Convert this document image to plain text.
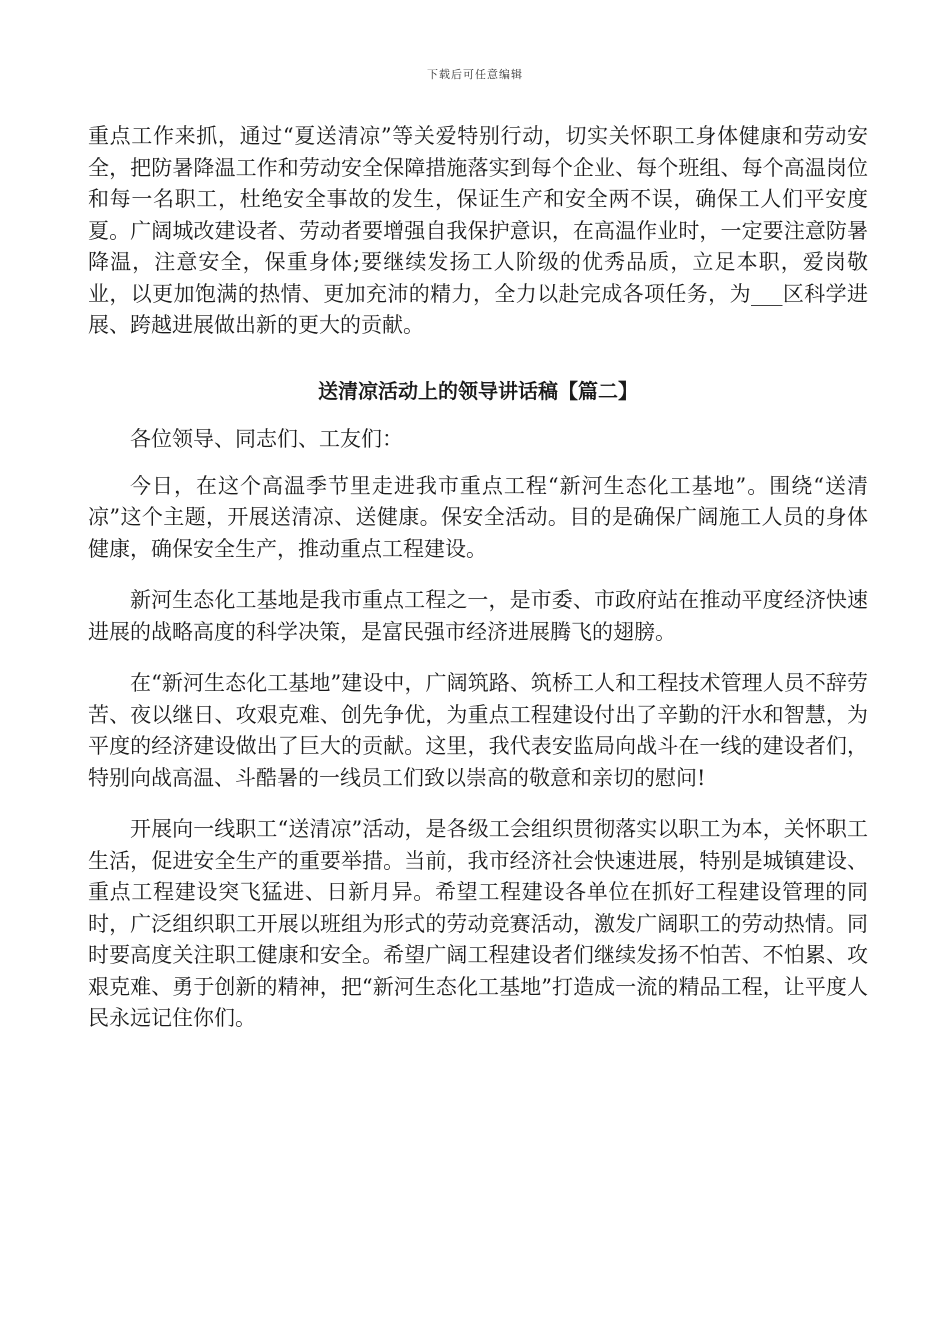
下载后可任意编辑

重点工作来抓，通过“夏送清凉”等关爱特别行动，切实关怀职工身体健康和劳动安全，把防暑降温工作和劳动安全保障措施落实到每个企业、每个班组、每个高温岗位和每一名职工，杜绝安全事故的发生，保证生产和安全两不误，确保工人们平安度夏。广阔城改建设者、劳动者要增强自我保护意识，在高温作业时，一定要注意防暑降温，注意安全，保重身体;要继续发扬工人阶级的优秀品质，立足本职，爱岗敬业，以更加饱满的热情、更加充沛的精力，全力以赴完成各项任务，为___区科学进展、跨越进展做出新的更大的贡献。

送清凉活动上的领导讲话稿【篇二】

各位领导、同志们、工友们：

今日，在这个高温季节里走进我市重点工程“新河生态化工基地”。围绕“送清凉”这个主题，开展送清凉、送健康。保安全活动。目的是确保广阔施工人员的身体健康，确保安全生产，推动重点工程建设。

新河生态化工基地是我市重点工程之一，是市委、市政府站在推动平度经济快速进展的战略高度的科学决策，是富民强市经济进展腾飞的翅膀。

在“新河生态化工基地”建设中，广阔筑路、筑桥工人和工程技术管理人员不辞劳苦、夜以继日、攻艰克难、创先争优，为重点工程建设付出了辛勤的汗水和智慧，为平度的经济建设做出了巨大的贡献。这里，我代表安监局向战斗在一线的建设者们，特别向战高温、斗酷暑的一线员工们致以崇高的敬意和亲切的慰问!

开展向一线职工“送清凉”活动，是各级工会组织贯彻落实以职工为本，关怀职工生活，促进安全生产的重要举措。当前，我市经济社会快速进展，特别是城镇建设、重点工程建设突飞猛进、日新月异。希望工程建设各单位在抓好工程建设管理的同时，广泛组织职工开展以班组为形式的劳动竞赛活动，激发广阔职工的劳动热情。同时要高度关注职工健康和安全。希望广阔工程建设者们继续发扬不怕苦、不怕累、攻艰克难、勇于创新的精神，把“新河生态化工基地”打造成一流的精品工程，让平度人民永远记住你们。
